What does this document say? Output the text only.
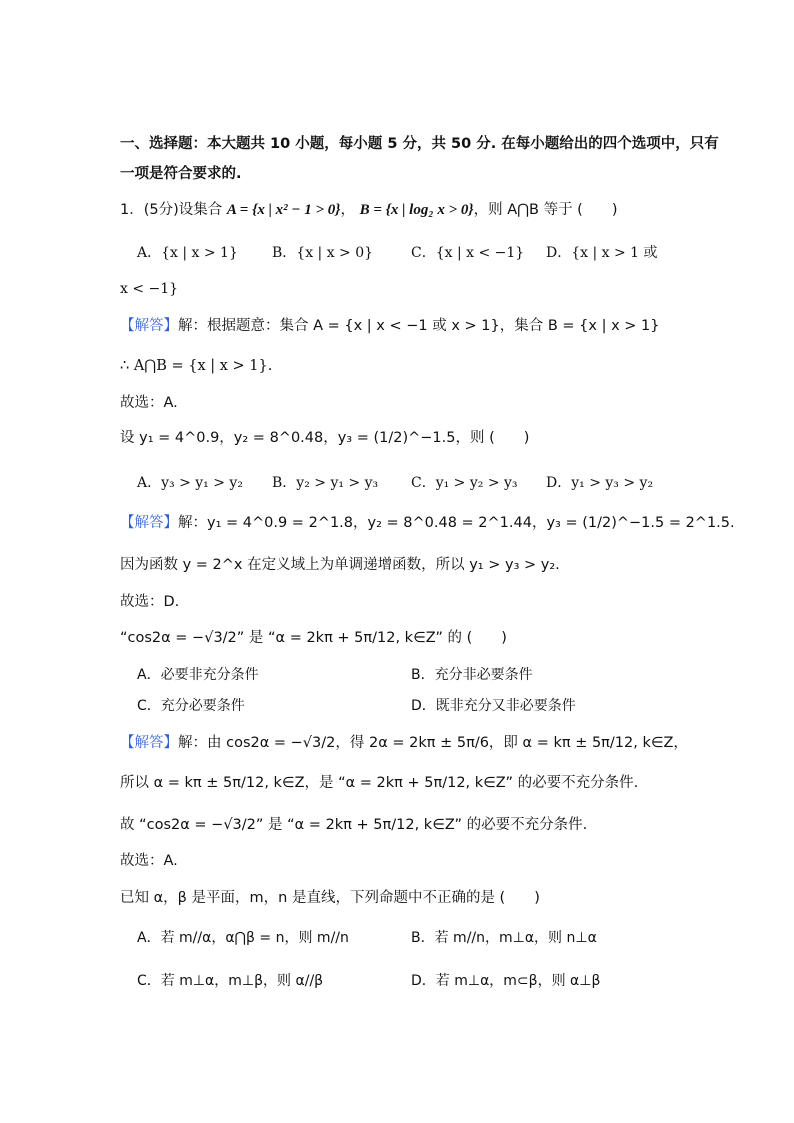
一、选择题：本大题共 10 小题，每小题 5 分，共 50 分. 在每小题给出的四个选项中，只有
一项是符合要求的.
1．(5分)设集合 A = {x | x² − 1 > 0}， B = {x | log₂ x > 0}，则 A⋂B 等于 (　　)
A．{x | x > 1} B．{x | x > 0}	C．{x | x < −1} D．{x | x > 1 或
x < −1}
【解答】解：根据题意：集合 A = {x | x < −1 或 x > 1}，集合 B = {x | x > 1}
∴ A⋂B = {x | x > 1}.
故选：A.
设 y₁ = 4^0.9，y₂ = 8^0.48，y₃ = (1/2)^−1.5，则 (　　)
A．y₃ > y₁ > y₂ B．y₂ > y₁ > y₃ C．y₁ > y₂ > y₃ D．y₁ > y₃ > y₂
【解答】解：y₁ = 4^0.9 = 2^1.8，y₂ = 8^0.48 = 2^1.44，y₃ = (1/2)^−1.5 = 2^1.5.
因为函数 y = 2^x 在定义域上为单调递增函数，所以 y₁ > y₃ > y₂.
故选：D.
“cos2α = −√3/2” 是 “α = 2kπ + 5π/12, k∈Z” 的 (　　)
A．必要非充分条件	B．充分非必要条件
C．充分必要条件	D．既非充分又非必要条件
【解答】解：由 cos2α = −√3/2，得 2α = 2kπ ± 5π/6，即 α = kπ ± 5π/12, k∈Z，
所以 α = kπ ± 5π/12, k∈Z，是 “α = 2kπ + 5π/12, k∈Z” 的必要不充分条件.
故 “cos2α = −√3/2” 是 “α = 2kπ + 5π/12, k∈Z” 的必要不充分条件.
故选：A.
已知 α，β 是平面，m，n 是直线，下列命题中不正确的是 (　　)
A．若 m//α，α⋂β = n，则 m//n	B．若 m//n，m⊥α，则 n⊥α
C．若 m⊥α，m⊥β，则 α//β	D．若 m⊥α，m⊂β，则 α⊥β
